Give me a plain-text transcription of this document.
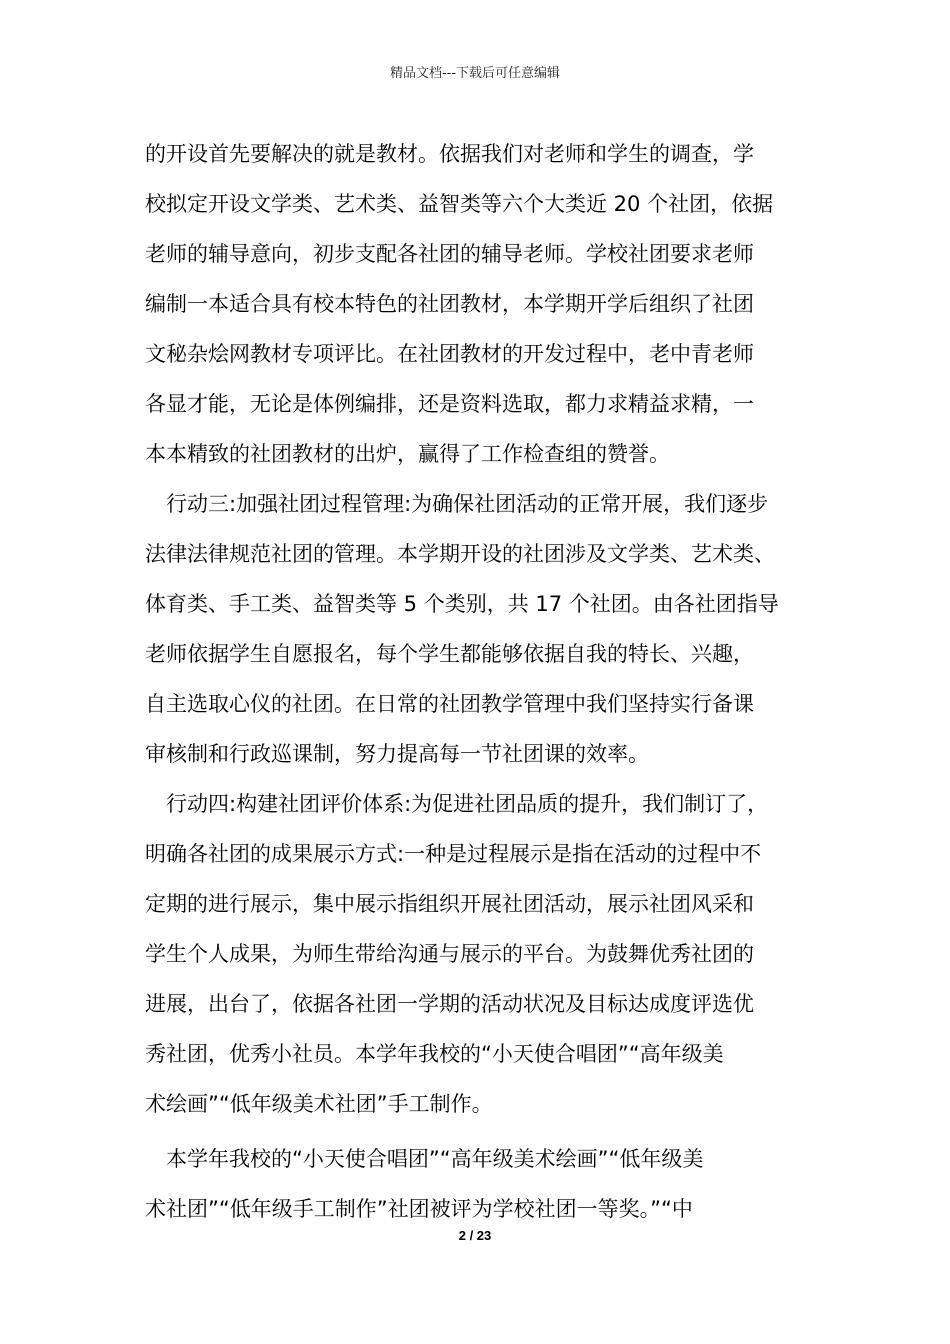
精品文档---下载后可任意编辑
的开设首先要解决的就是教材。依据我们对老师和学生的调查，学
校拟定开设文学类、艺术类、益智类等六个大类近 20 个社团，依据
老师的辅导意向，初步支配各社团的辅导老师。学校社团要求老师
编制一本适合具有校本特色的社团教材，本学期开学后组织了社团
文秘杂烩网教材专项评比。在社团教材的开发过程中，老中青老师
各显才能，无论是体例编排，还是资料选取，都力求精益求精，一
本本精致的社团教材的出炉，赢得了工作检查组的赞誉。
行动三:加强社团过程管理:为确保社团活动的正常开展，我们逐步
法律法律规范社团的管理。本学期开设的社团涉及文学类、艺术类、
体育类、手工类、益智类等 5 个类别，共 17 个社团。由各社团指导
老师依据学生自愿报名，每个学生都能够依据自我的特长、兴趣，
自主选取心仪的社团。在日常的社团教学管理中我们坚持实行备课
审核制和行政巡课制，努力提高每一节社团课的效率。
行动四:构建社团评价体系:为促进社团品质的提升，我们制订了，
明确各社团的成果展示方式:一种是过程展示是指在活动的过程中不
定期的进行展示，集中展示指组织开展社团活动，展示社团风采和
学生个人成果，为师生带给沟通与展示的平台。为鼓舞优秀社团的
进展，出台了，依据各社团一学期的活动状况及目标达成度评选优
秀社团，优秀小社员。本学年我校的“小天使合唱团”“高年级美
术绘画”“低年级美术社团”手工制作。
本学年我校的“小天使合唱团”“高年级美术绘画”“低年级美
术社团”“低年级手工制作”社团被评为学校社团一等奖。”“中
2 / 23
